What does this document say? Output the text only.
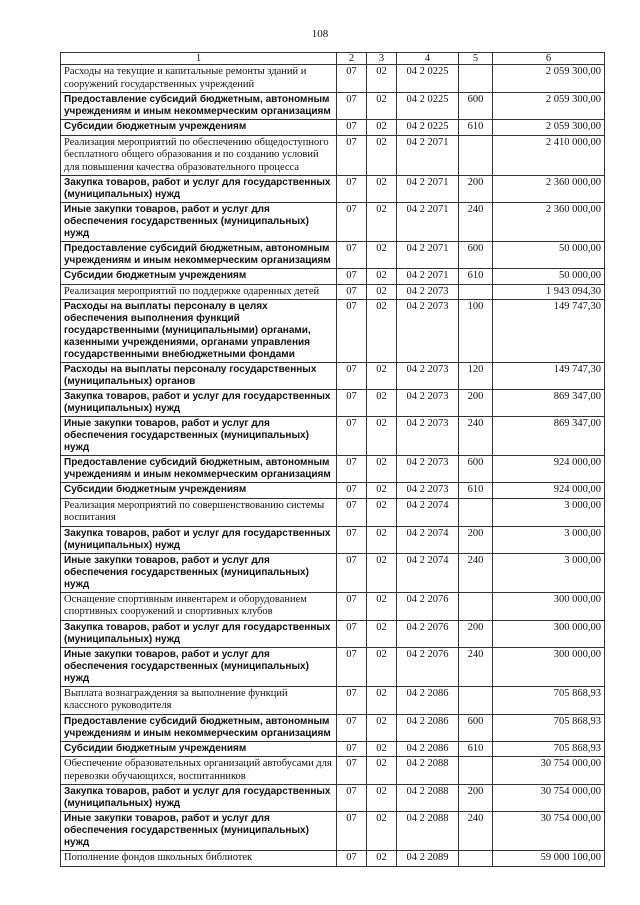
108
1	2	3	4	5	6
Расходы на текущие и капитальные ремонты зданий и сооружений государственных учреждений	07	02	04 2 0225		2 059 300,00
Предоставление субсидий бюджетным, автономным учреждениям и иным некоммерческим организациям	07	02	04 2 0225	600	2 059 300,00
Субсидии бюджетным учреждениям	07	02	04 2 0225	610	2 059 300,00
Реализация мероприятий по обеспечению общедоступного бесплатного общего образования и по созданию условий для повышения качества образовательного процесса	07	02	04 2 2071		2 410 000,00
Закупка товаров, работ и услуг для государственных (муниципальных) нужд	07	02	04 2 2071	200	2 360 000,00
Иные закупки товаров, работ и услуг для обеспечения государственных (муниципальных) нужд	07	02	04 2 2071	240	2 360 000,00
Предоставление субсидий бюджетным, автономным учреждениям и иным некоммерческим организациям	07	02	04 2 2071	600	50 000,00
Субсидии бюджетным учреждениям	07	02	04 2 2071	610	50 000,00
Реализация мероприятий по поддержке одаренных детей	07	02	04 2 2073		1 943 094,30
Расходы на выплаты персоналу в целях обеспечения выполнения функций государственными (муниципальными) органами, казенными учреждениями, органами управления государственными внебюджетными фондами	07	02	04 2 2073	100	149 747,30
Расходы на выплаты персоналу государственных (муниципальных) органов	07	02	04 2 2073	120	149 747,30
Закупка товаров, работ и услуг для государственных (муниципальных) нужд	07	02	04 2 2073	200	869 347,00
Иные закупки товаров, работ и услуг для обеспечения государственных (муниципальных) нужд	07	02	04 2 2073	240	869 347,00
Предоставление субсидий бюджетным, автономным учреждениям и иным некоммерческим организациям	07	02	04 2 2073	600	924 000,00
Субсидии бюджетным учреждениям	07	02	04 2 2073	610	924 000,00
Реализация мероприятий по совершенствованию системы воспитания	07	02	04 2 2074		3 000,00
Закупка товаров, работ и услуг для государственных (муниципальных) нужд	07	02	04 2 2074	200	3 000,00
Иные закупки товаров, работ и услуг для обеспечения государственных (муниципальных) нужд	07	02	04 2 2074	240	3 000,00
Оснащение спортивным инвентарем и оборудованием спортивных сооружений и спортивных клубов	07	02	04 2 2076		300 000,00
Закупка товаров, работ и услуг для государственных (муниципальных) нужд	07	02	04 2 2076	200	300 000,00
Иные закупки товаров, работ и услуг для обеспечения государственных (муниципальных) нужд	07	02	04 2 2076	240	300 000,00
Выплата вознаграждения за выполнение функций классного руководителя	07	02	04 2 2086		705 868,93
Предоставление субсидий бюджетным, автономным учреждениям и иным некоммерческим организациям	07	02	04 2 2086	600	705 868,93
Субсидии бюджетным учреждениям	07	02	04 2 2086	610	705 868,93
Обеспечение образовательных организаций автобусами для перевозки обучающихся, воспитанников	07	02	04 2 2088		30 754 000,00
Закупка товаров, работ и услуг для государственных (муниципальных) нужд	07	02	04 2 2088	200	30 754 000,00
Иные закупки товаров, работ и услуг для обеспечения государственных (муниципальных) нужд	07	02	04 2 2088	240	30 754 000,00
Пополнение фондов школьных библиотек	07	02	04 2 2089		59 000 100,00
